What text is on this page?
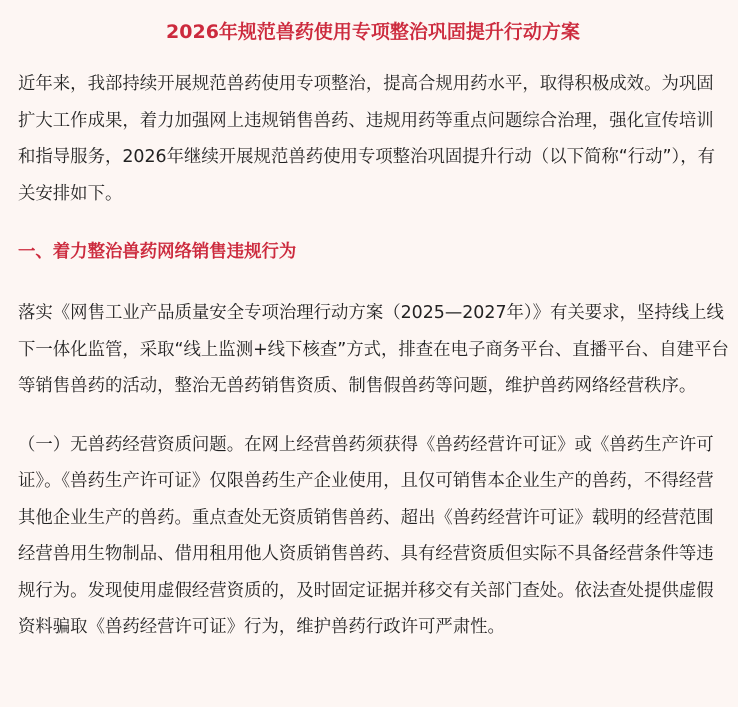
2026年规范兽药使用专项整治巩固提升行动方案

近年来，我部持续开展规范兽药使用专项整治，提高合规用药水平，取得积极成效。为巩固扩大工作成果，着力加强网上违规销售兽药、违规用药等重点问题综合治理，强化宣传培训和指导服务，2026年继续开展规范兽药使用专项整治巩固提升行动（以下简称“行动”），有关安排如下。

一、着力整治兽药网络销售违规行为

落实《网售工业产品质量安全专项治理行动方案（2025—2027年）》有关要求，坚持线上线下一体化监管，采取“线上监测+线下核查”方式，排查在电子商务平台、直播平台、自建平台等销售兽药的活动，整治无兽药销售资质、制售假兽药等问题，维护兽药网络经营秩序。

（一）无兽药经营资质问题。在网上经营兽药须获得《兽药经营许可证》或《兽药生产许可证》。《兽药生产许可证》仅限兽药生产企业使用，且仅可销售本企业生产的兽药，不得经营其他企业生产的兽药。重点查处无资质销售兽药、超出《兽药经营许可证》载明的经营范围经营兽用生物制品、借用租用他人资质销售兽药、具有经营资质但实际不具备经营条件等违规行为。发现使用虚假经营资质的，及时固定证据并移交有关部门查处。依法查处提供虚假资料骗取《兽药经营许可证》行为，维护兽药行政许可严肃性。
